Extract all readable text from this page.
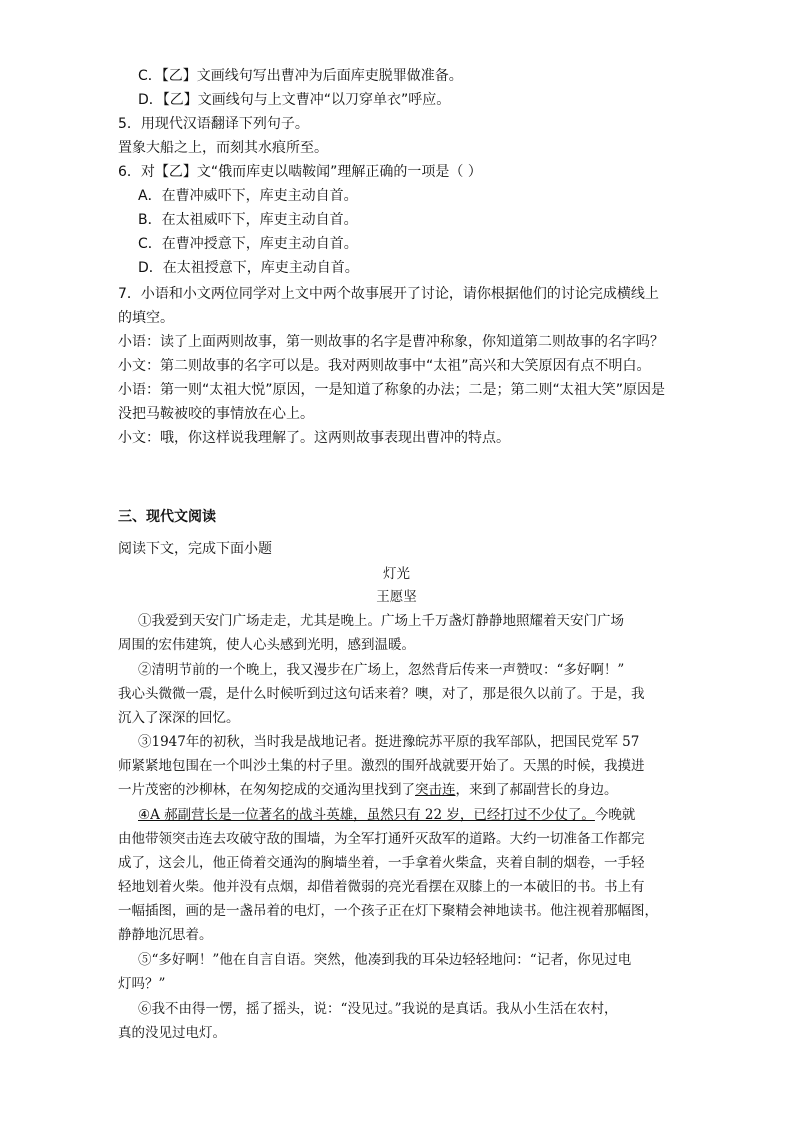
C．【乙】文画线句写出曹冲为后面库吏脱罪做准备。
D．【乙】文画线句与上文曹冲“以刀穿单衣”呼应。
5．用现代汉语翻译下列句子。
置象大船之上，而刻其水痕所至。
6．对【乙】文“俄而库吏以啮鞍闻”理解正确的一项是（ ）
A．在曹冲威吓下，库吏主动自首。
B．在太祖威吓下，库吏主动自首。
C．在曹冲授意下，库吏主动自首。
D．在太祖授意下，库吏主动自首。
7．小语和小文两位同学对上文中两个故事展开了讨论，请你根据他们的讨论完成横线上
的填空。
小语：读了上面两则故事，第一则故事的名字是曹冲称象，你知道第二则故事的名字吗？
小文：第二则故事的名字可以是。我对两则故事中“太祖”高兴和大笑原因有点不明白。
小语：第一则“太祖大悦”原因，一是知道了称象的办法；二是；第二则“太祖大笑”原因是
没把马鞍被咬的事情放在心上。
小文：哦，你这样说我理解了。这两则故事表现出曹冲的特点。
三、现代文阅读
阅读下文，完成下面小题
灯光
王愿坚
①我爱到天安门广场走走，尤其是晚上。广场上千万盏灯静静地照耀着天安门广场
周围的宏伟建筑，使人心头感到光明，感到温暖。
②清明节前的一个晚上，我又漫步在广场上，忽然背后传来一声赞叹：“多好啊！”
我心头微微一震，是什么时候听到过这句话来着？噢，对了，那是很久以前了。于是，我
沉入了深深的回忆。
③1947年的初秋，当时我是战地记者。挺进豫皖苏平原的我军部队，把国民党军 57
师紧紧地包围在一个叫沙土集的村子里。激烈的围歼战就要开始了。天黑的时候，我摸进
一片茂密的沙柳林，在匆匆挖成的交通沟里找到了突击连，来到了郝副营长的身边。
④A 郝副营长是一位著名的战斗英雄，虽然只有 22 岁，已经打过不少仗了。今晚就
由他带领突击连去攻破守敌的围墙，为全军打通歼灭敌军的道路。大约一切准备工作都完
成了，这会儿，他正倚着交通沟的胸墙坐着，一手拿着火柴盒，夹着自制的烟卷，一手轻
轻地划着火柴。他并没有点烟，却借着微弱的亮光看摆在双膝上的一本破旧的书。书上有
一幅插图，画的是一盏吊着的电灯，一个孩子正在灯下聚精会神地读书。他注视着那幅图，
静静地沉思着。
⑤“多好啊！”他在自言自语。突然，他凑到我的耳朵边轻轻地问：“记者，你见过电
灯吗？”
⑥我不由得一愣，摇了摇头，说：“没见过。”我说的是真话。我从小生活在农村，
真的没见过电灯。
